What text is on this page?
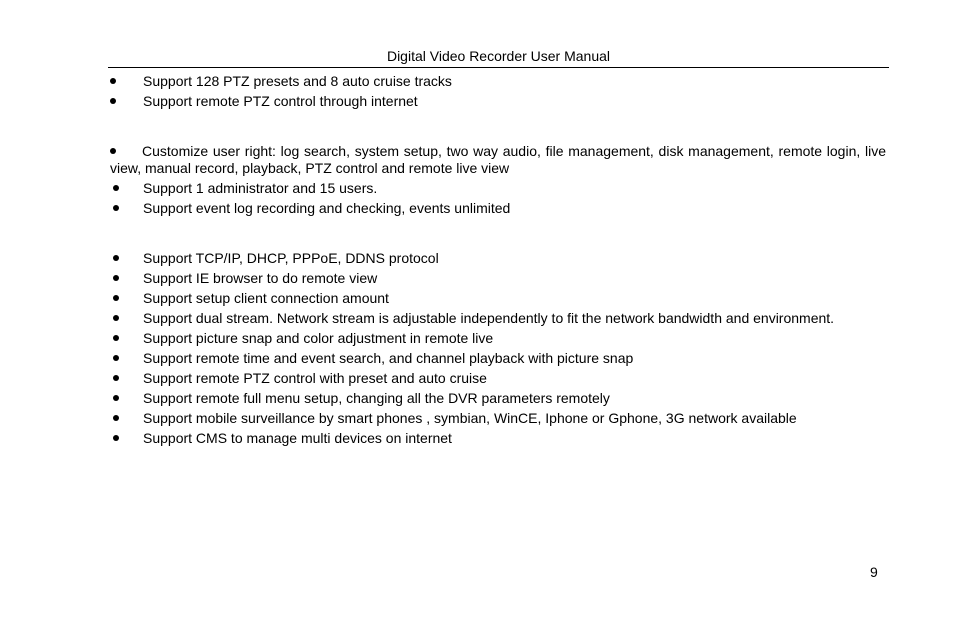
Digital Video Recorder User Manual
Support 128 PTZ presets and 8 auto cruise tracks
Support remote PTZ control through internet
Customize user right: log search, system setup, two way audio, file management, disk management, remote login, live view, manual record, playback, PTZ control and remote live view
Support 1 administrator and 15 users.
Support event log recording and checking, events unlimited
Support TCP/IP, DHCP, PPPoE, DDNS protocol
Support IE browser to do remote view
Support setup client connection amount
Support dual stream. Network stream is adjustable independently to fit the network bandwidth and environment.
Support picture snap and color adjustment in remote live
Support remote time and event search, and channel playback with picture snap
Support remote PTZ control with preset and auto cruise
Support remote full menu setup, changing all the DVR parameters remotely
Support mobile surveillance by smart phones , symbian, WinCE, Iphone or Gphone, 3G network available
Support CMS to manage multi devices on internet
9
